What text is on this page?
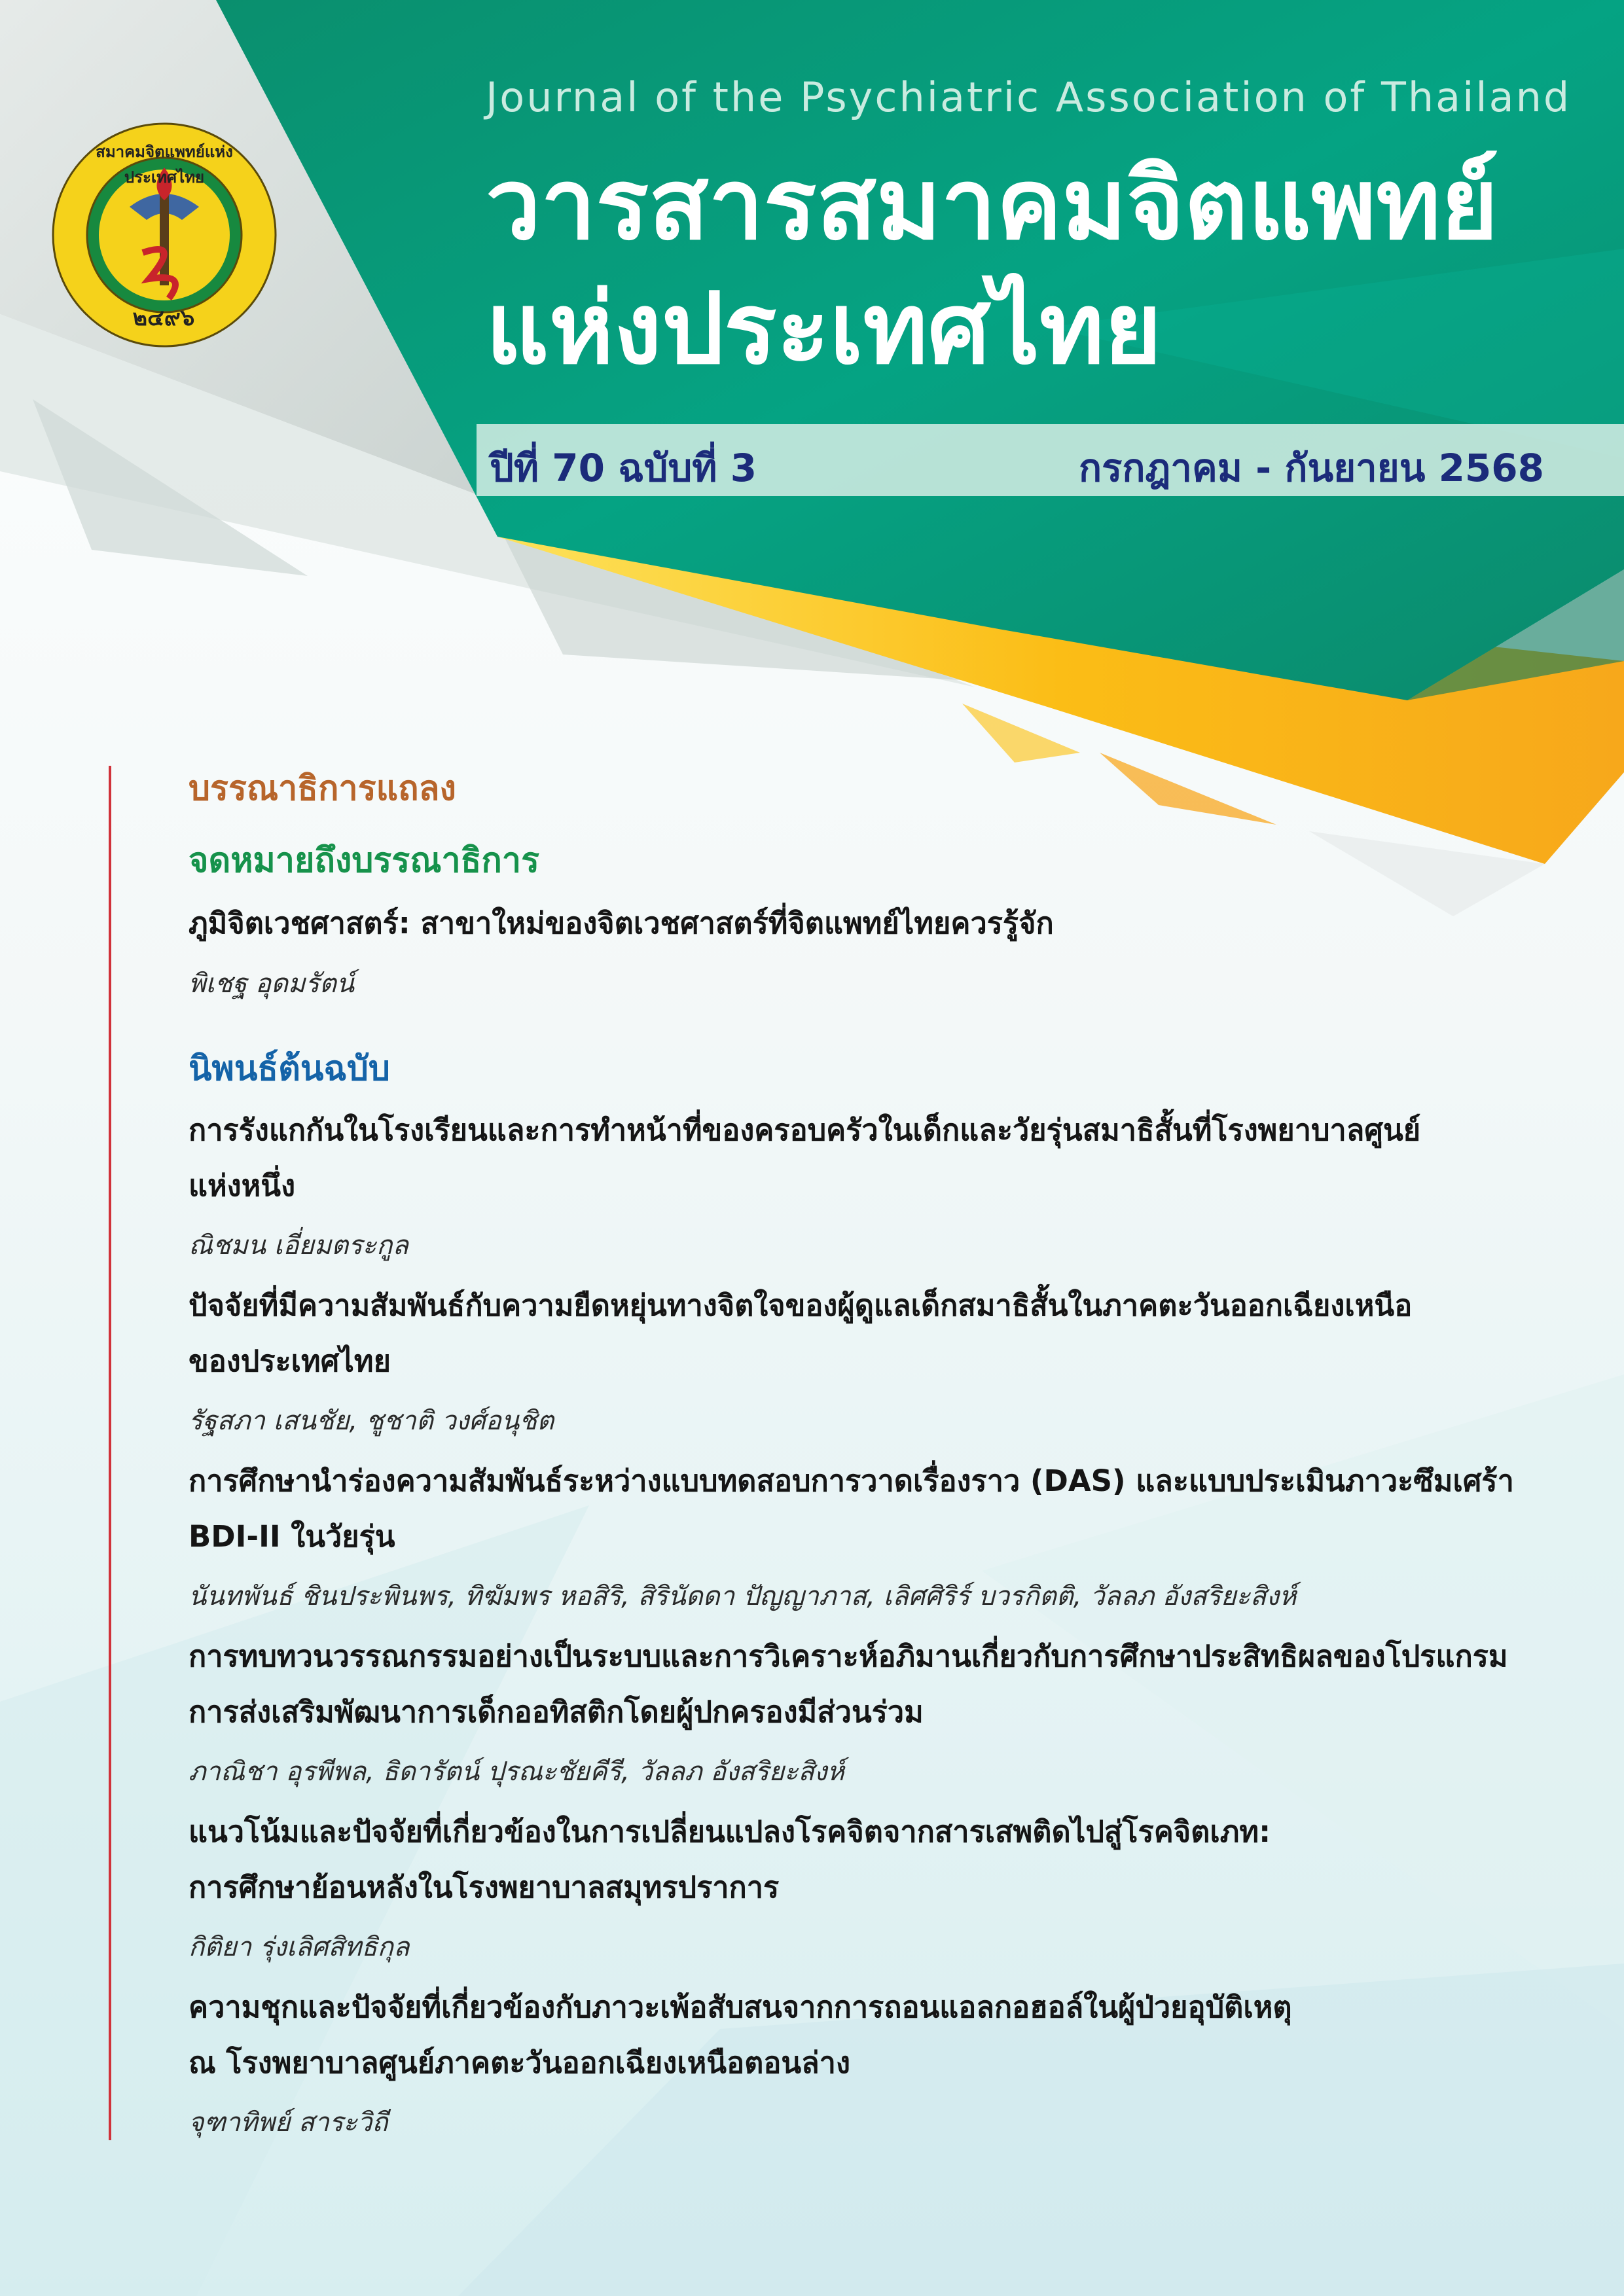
สมาคมจิตแพทย์แห่งประเทศไทย
๒๔๙๖
Journal of the Psychiatric Association of Thailand
วารสารสมาคมจิตแพทย์
แห่งประเทศไทย
ปีที่ 70 ฉบับที่ 3	กรกฎาคม - กันยายน 2568
บรรณาธิการแถลง
จดหมายถึงบรรณาธิการ
ภูมิจิตเวชศาสตร์: สาขาใหม่ของจิตเวชศาสตร์ที่จิตแพทย์ไทยควรรู้จัก
พิเชฐ อุดมรัตน์
นิพนธ์ต้นฉบับ
การรังแกกันในโรงเรียนและการทำหน้าที่ของครอบครัวในเด็กและวัยรุ่นสมาธิสั้นที่โรงพยาบาลศูนย์
แห่งหนึ่ง
ณิชมน เอี่ยมตระกูล
ปัจจัยที่มีความสัมพันธ์กับความยืดหยุ่นทางจิตใจของผู้ดูแลเด็กสมาธิสั้นในภาคตะวันออกเฉียงเหนือ
ของประเทศไทย
รัฐสภา เสนชัย, ชูชาติ วงศ์อนุชิต
การศึกษานำร่องความสัมพันธ์ระหว่างแบบทดสอบการวาดเรื่องราว (DAS) และแบบประเมินภาวะซึมเศร้า
BDI-II ในวัยรุ่น
นันทพันธ์ ชินประพินพร, ทิฆัมพร หอสิริ, สิรินัดดา ปัญญาภาส, เลิศศิริร์ บวรกิตติ, วัลลภ อังสริยะสิงห์
การทบทวนวรรณกรรมอย่างเป็นระบบและการวิเคราะห์อภิมานเกี่ยวกับการศึกษาประสิทธิผลของโปรแกรม
การส่งเสริมพัฒนาการเด็กออทิสติกโดยผู้ปกครองมีส่วนร่วม
ภาณิชา อุรพีพล, ธิดารัตน์ ปุรณะชัยคีรี, วัลลภ อังสริยะสิงห์
แนวโน้มและปัจจัยที่เกี่ยวข้องในการเปลี่ยนแปลงโรคจิตจากสารเสพติดไปสู่โรคจิตเภท:
การศึกษาย้อนหลังในโรงพยาบาลสมุทรปราการ
กิติยา รุ่งเลิศสิทธิกุล
ความชุกและปัจจัยที่เกี่ยวข้องกับภาวะเพ้อสับสนจากการถอนแอลกอฮอล์ในผู้ป่วยอุบัติเหตุ
ณ โรงพยาบาลศูนย์ภาคตะวันออกเฉียงเหนือตอนล่าง
จุฑาทิพย์ สาระวิถี
